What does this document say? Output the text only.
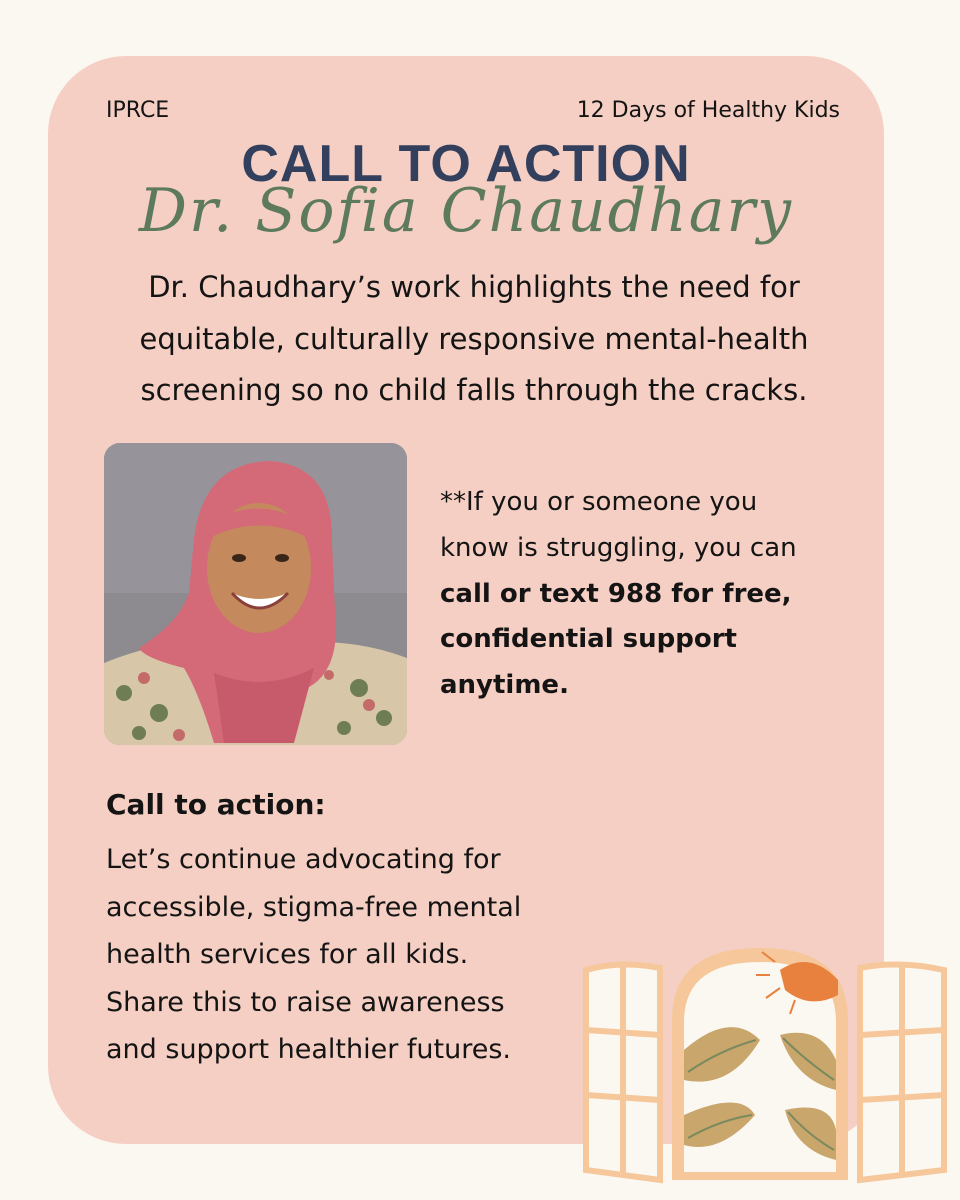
IPRCE	12 Days of Healthy Kids
CALL TO ACTION
Dr. Sofia Chaudhary
Dr. Chaudhary’s work highlights the need for equitable, culturally responsive mental-health screening so no child falls through the cracks.
**If you or someone you know is struggling, you can call or text 988 for free, confidential support anytime.
Call to action:
Let’s continue advocating for accessible, stigma-free mental health services for all kids. Share this to raise awareness and support healthier futures.
